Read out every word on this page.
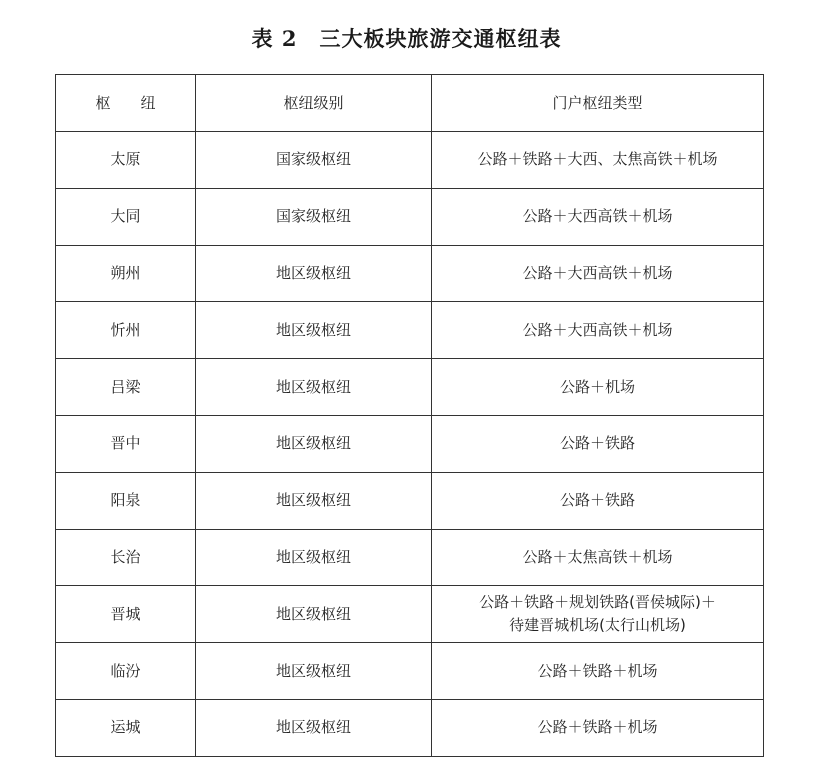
表 2 三大板块旅游交通枢纽表
枢纽	枢纽级别	门户枢纽类型
太原	国家级枢纽	公路＋铁路＋大西、太焦高铁＋机场

大同	国家级枢纽	公路＋大西高铁＋机场

朔州	地区级枢纽	公路＋大西高铁＋机场

忻州	地区级枢纽	公路＋大西高铁＋机场

吕梁	地区级枢纽	公路＋机场

晋中	地区级枢纽	公路＋铁路

阳泉	地区级枢纽	公路＋铁路

长治	地区级枢纽	公路＋太焦高铁＋机场

晋城	地区级枢纽	公路＋铁路＋规划铁路(晋侯城际)＋
待建晋城机场(太行山机场)

临汾	地区级枢纽	公路＋铁路＋机场

运城	地区级枢纽	公路＋铁路＋机场
